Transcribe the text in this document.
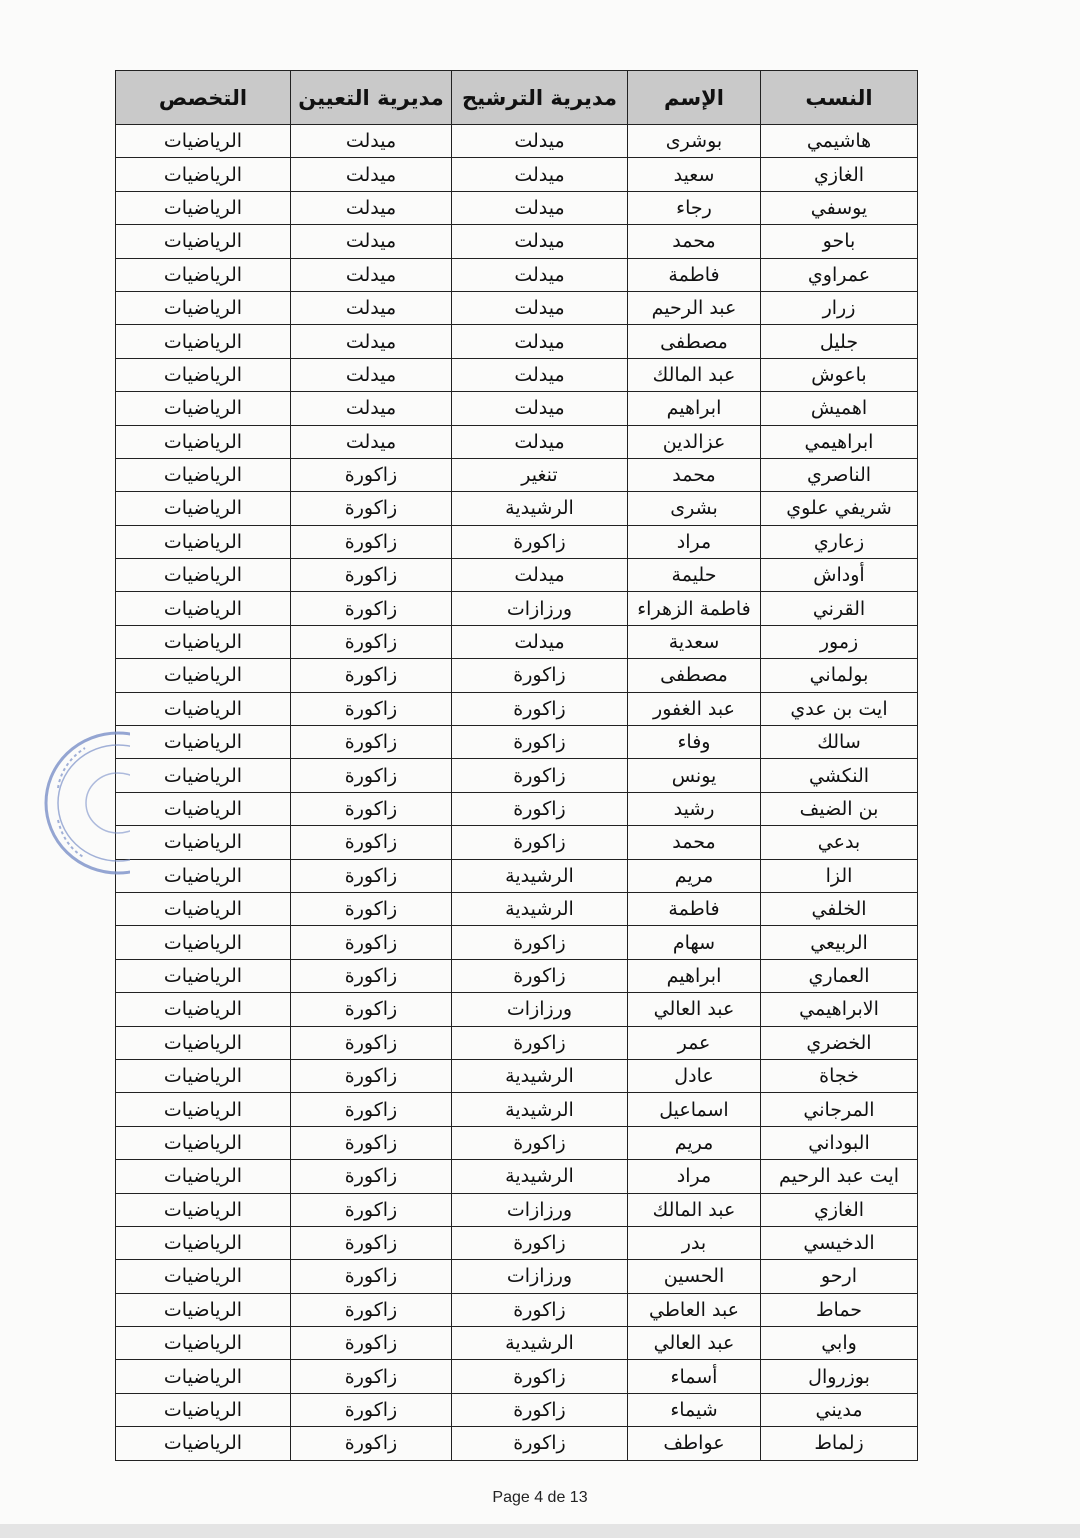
النسب	الإسم	مديرية الترشيح	مديرية التعيين	التخصص
هاشيمي	بوشرى	ميدلت	ميدلت	الرياضيات
الغازي	سعيد	ميدلت	ميدلت	الرياضيات
يوسفي	رجاء	ميدلت	ميدلت	الرياضيات
باحو	محمد	ميدلت	ميدلت	الرياضيات
عمراوي	فاطمة	ميدلت	ميدلت	الرياضيات
زرار	عبد الرحيم	ميدلت	ميدلت	الرياضيات
جليل	مصطفى	ميدلت	ميدلت	الرياضيات
باعوش	عبد المالك	ميدلت	ميدلت	الرياضيات
اهميش	ابراهيم	ميدلت	ميدلت	الرياضيات
ابراهيمي	عزالدين	ميدلت	ميدلت	الرياضيات
الناصري	محمد	تنغير	زاكورة	الرياضيات
شريفي علوي	بشرى	الرشيدية	زاكورة	الرياضيات
زعاري	مراد	زاكورة	زاكورة	الرياضيات
أوداش	حليمة	ميدلت	زاكورة	الرياضيات
القرني	فاطمة الزهراء	ورزازات	زاكورة	الرياضيات
زمور	سعدية	ميدلت	زاكورة	الرياضيات
بولماني	مصطفى	زاكورة	زاكورة	الرياضيات
ايت بن عدي	عبد الغفور	زاكورة	زاكورة	الرياضيات
سالك	وفاء	زاكورة	زاكورة	الرياضيات
النكشي	يونس	زاكورة	زاكورة	الرياضيات
بن الضيف	رشيد	زاكورة	زاكورة	الرياضيات
بدعي	محمد	زاكورة	زاكورة	الرياضيات
الزا	مريم	الرشيدية	زاكورة	الرياضيات
الخلفي	فاطمة	الرشيدية	زاكورة	الرياضيات
الربيعي	سهام	زاكورة	زاكورة	الرياضيات
العماري	ابراهيم	زاكورة	زاكورة	الرياضيات
الابراهيمي	عبد العالي	ورزازات	زاكورة	الرياضيات
الخضري	عمر	زاكورة	زاكورة	الرياضيات
خجاة	عادل	الرشيدية	زاكورة	الرياضيات
المرجاني	اسماعيل	الرشيدية	زاكورة	الرياضيات
البوداني	مريم	زاكورة	زاكورة	الرياضيات
ايت عبد الرحيم	مراد	الرشيدية	زاكورة	الرياضيات
الغازي	عبد المالك	ورزازات	زاكورة	الرياضيات
الدخيسي	بدر	زاكورة	زاكورة	الرياضيات
ارحو	الحسين	ورزازات	زاكورة	الرياضيات
حماط	عبد العاطي	زاكورة	زاكورة	الرياضيات
وابي	عبد العالي	الرشيدية	زاكورة	الرياضيات
بوزروال	أسماء	زاكورة	زاكورة	الرياضيات
مديني	شيماء	زاكورة	زاكورة	الرياضيات
زلماط	عواطف	زاكورة	زاكورة	الرياضيات
Page 4 de 13
